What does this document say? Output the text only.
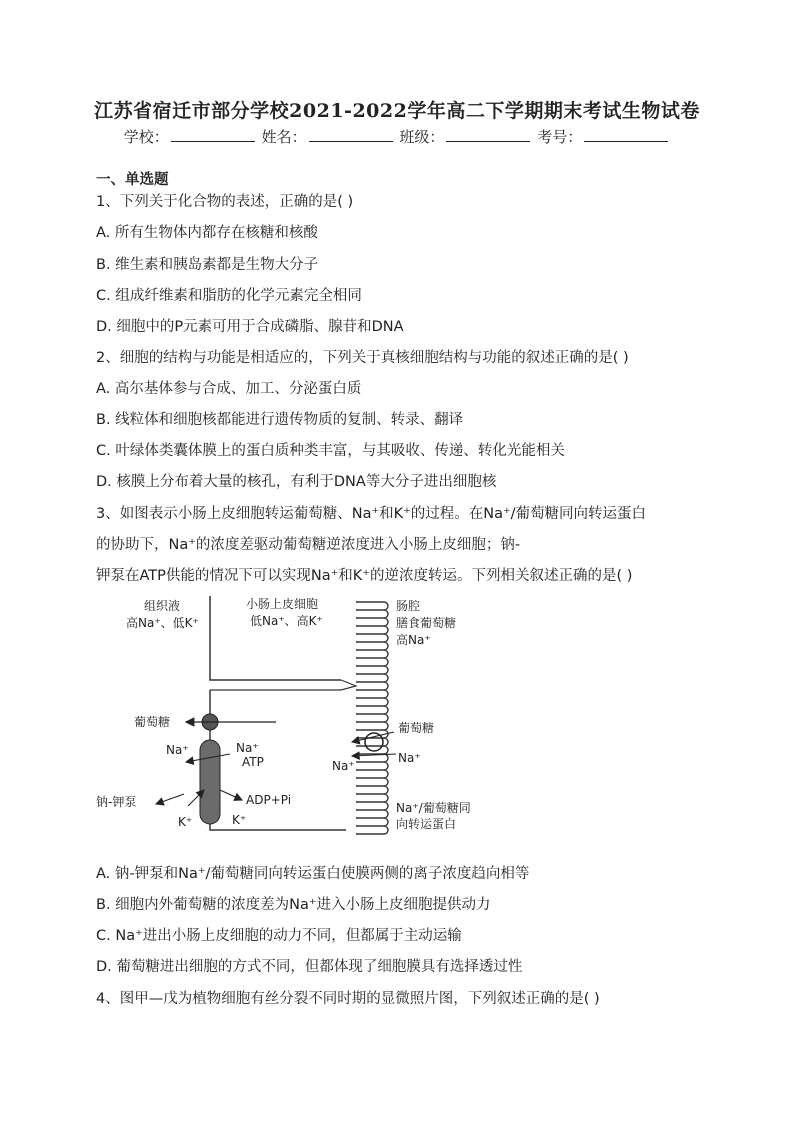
江苏省宿迁市部分学校2021-2022学年高二下学期期末考试生物试卷
学校：	姓名：	班级：	考号：
一、单选题
1、下列关于化合物的表述，正确的是( )
A. 所有生物体内都存在核糖和核酸
B. 维生素和胰岛素都是生物大分子
C. 组成纤维素和脂肪的化学元素完全相同
D. 细胞中的P元素可用于合成磷脂、腺苷和DNA
2、细胞的结构与功能是相适应的，下列关于真核细胞结构与功能的叙述正确的是( )
A. 高尔基体参与合成、加工、分泌蛋白质
B. 线粒体和细胞核都能进行遗传物质的复制、转录、翻译
C. 叶绿体类囊体膜上的蛋白质种类丰富，与其吸收、传递、转化光能相关
D. 核膜上分布着大量的核孔，有利于DNA等大分子进出细胞核
3、如图表示小肠上皮细胞转运葡萄糖、Na⁺和K⁺的过程。在Na⁺/葡萄糖同向转运蛋白
的协助下，Na⁺的浓度差驱动葡萄糖逆浓度进入小肠上皮细胞；钠-
钾泵在ATP供能的情况下可以实现Na⁺和K⁺的逆浓度转运。下列相关叙述正确的是( )
组织液
高Na⁺、低K⁺
小肠上皮细胞
低Na⁺、高K⁺
肠腔
膳食葡萄糖
高Na⁺
葡萄糖
Na⁺	Na⁺
ATP
ADP+Pi
钠-钾泵
K⁺	K⁺
葡萄糖
Na⁺
Na⁺
Na⁺/葡萄糖同
向转运蛋白
A. 钠-钾泵和Na⁺/葡萄糖同向转运蛋白使膜两侧的离子浓度趋向相等
B. 细胞内外葡萄糖的浓度差为Na⁺进入小肠上皮细胞提供动力
C. Na⁺进出小肠上皮细胞的动力不同，但都属于主动运输
D. 葡萄糖进出细胞的方式不同，但都体现了细胞膜具有选择透过性
4、图甲—戊为植物细胞有丝分裂不同时期的显微照片图，下列叙述正确的是( )
